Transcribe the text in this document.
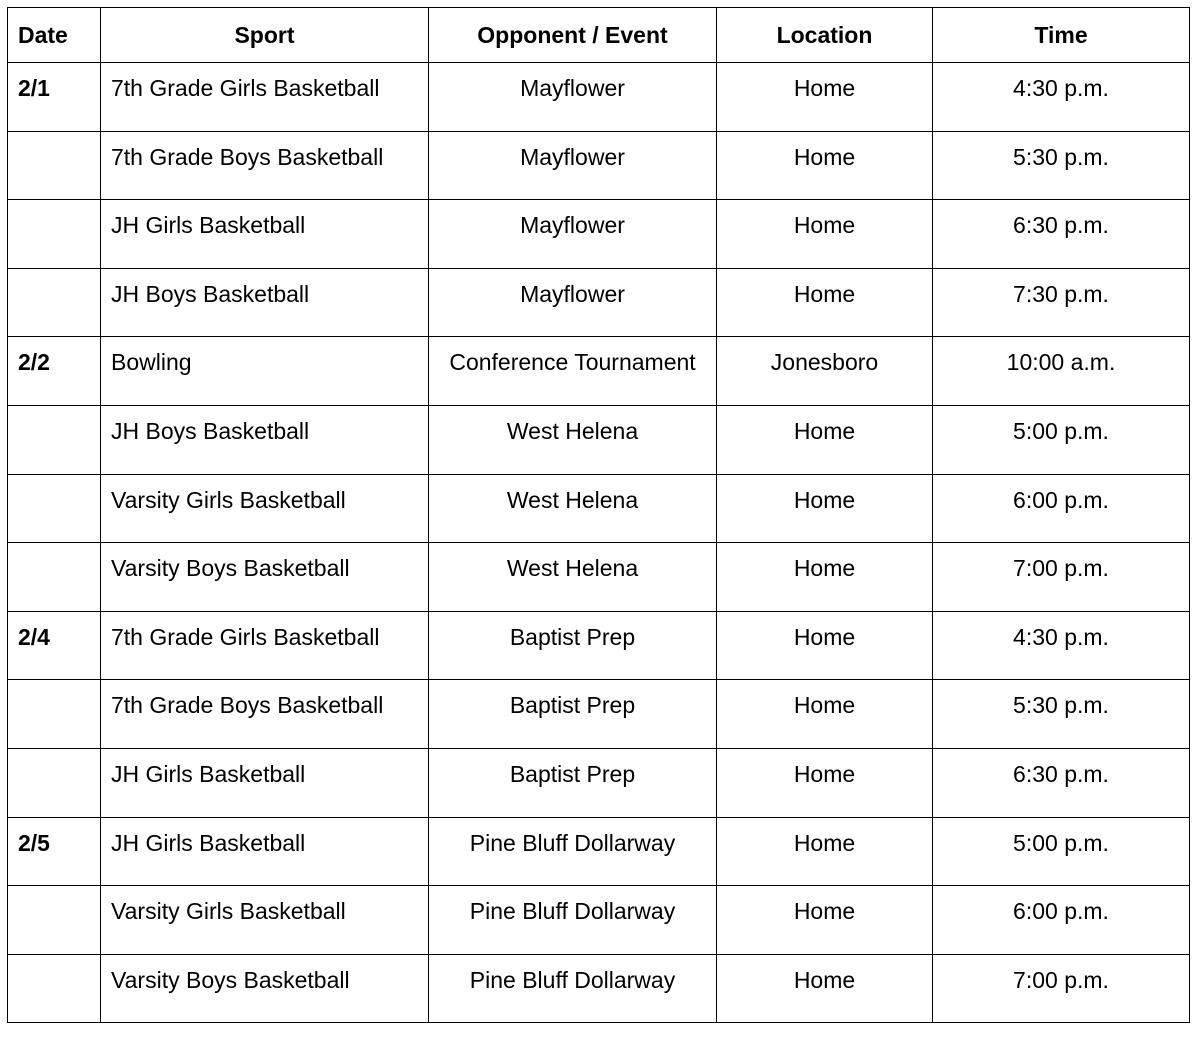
Date	Sport	Opponent / Event	Location	Time
2/1	7th Grade Girls Basketball	Mayflower	Home	4:30 p.m.
	7th Grade Boys Basketball	Mayflower	Home	5:30 p.m.
	JH Girls Basketball	Mayflower	Home	6:30 p.m.
	JH Boys Basketball	Mayflower	Home	7:30 p.m.
2/2	Bowling	Conference Tournament	Jonesboro	10:00 a.m.
	JH Boys Basketball	West Helena	Home	5:00 p.m.
	Varsity Girls Basketball	West Helena	Home	6:00 p.m.
	Varsity Boys Basketball	West Helena	Home	7:00 p.m.
2/4	7th Grade Girls Basketball	Baptist Prep	Home	4:30 p.m.
	7th Grade Boys Basketball	Baptist Prep	Home	5:30 p.m.
	JH Girls Basketball	Baptist Prep	Home	6:30 p.m.
2/5	JH Girls Basketball	Pine Bluff Dollarway	Home	5:00 p.m.
	Varsity Girls Basketball	Pine Bluff Dollarway	Home	6:00 p.m.
	Varsity Boys Basketball	Pine Bluff Dollarway	Home	7:00 p.m.
